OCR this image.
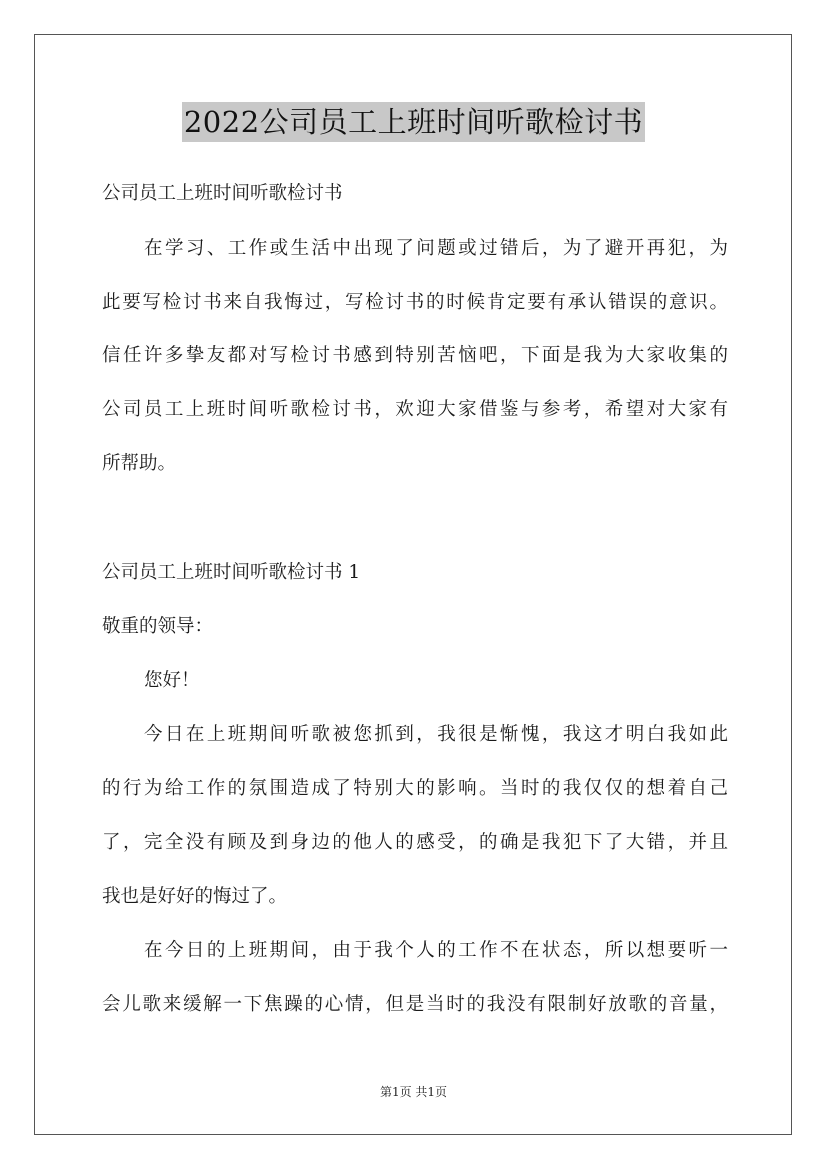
2022公司员工上班时间听歌检讨书
公司员工上班时间听歌检讨书
在学习、工作或生活中出现了问题或过错后，为了避开再犯，为
此要写检讨书来自我悔过，写检讨书的时候肯定要有承认错误的意识。
信任许多挚友都对写检讨书感到特别苦恼吧，下面是我为大家收集的
公司员工上班时间听歌检讨书，欢迎大家借鉴与参考，希望对大家有
所帮助。
公司员工上班时间听歌检讨书 1
敬重的领导：
您好！
今日在上班期间听歌被您抓到，我很是惭愧，我这才明白我如此
的行为给工作的氛围造成了特别大的影响。当时的我仅仅的想着自己
了，完全没有顾及到身边的他人的感受，的确是我犯下了大错，并且
我也是好好的悔过了。
在今日的上班期间，由于我个人的工作不在状态，所以想要听一
会儿歌来缓解一下焦躁的心情，但是当时的我没有限制好放歌的音量，
第1页 共1页
